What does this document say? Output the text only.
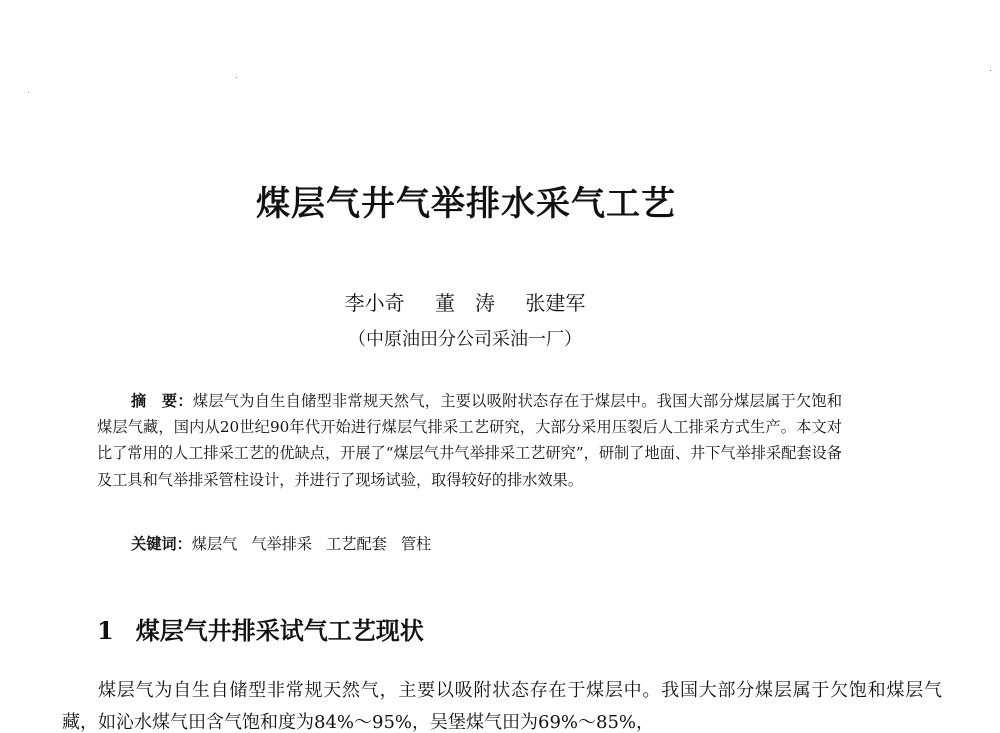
煤层气井气举排水采气工艺
李小奇 董　涛 张建军
（中原油田分公司采油一厂）

摘　要：煤层气为自生自储型非常规天然气，主要以吸附状态存在于煤层中。我国大部分煤层属于欠饱和煤层气藏，国内从20世纪90年代开始进行煤层气排采工艺研究，大部分采用压裂后人工排采方式生产。本文对比了常用的人工排采工艺的优缺点，开展了“煤层气井气举排采工艺研究”，研制了地面、井下气举排采配套设备及工具和气举排采管柱设计，并进行了现场试验，取得较好的排水效果。

关键词：煤层气 气举排采 工艺配套 管柱
1 煤层气井排采试气工艺现状

煤层气为自生自储型非常规天然气，主要以吸附状态存在于煤层中。我国大部分煤层属于欠饱和煤层气藏，如沁水煤气田含气饱和度为84%～95%，吴堡煤气田为69%～85%，
